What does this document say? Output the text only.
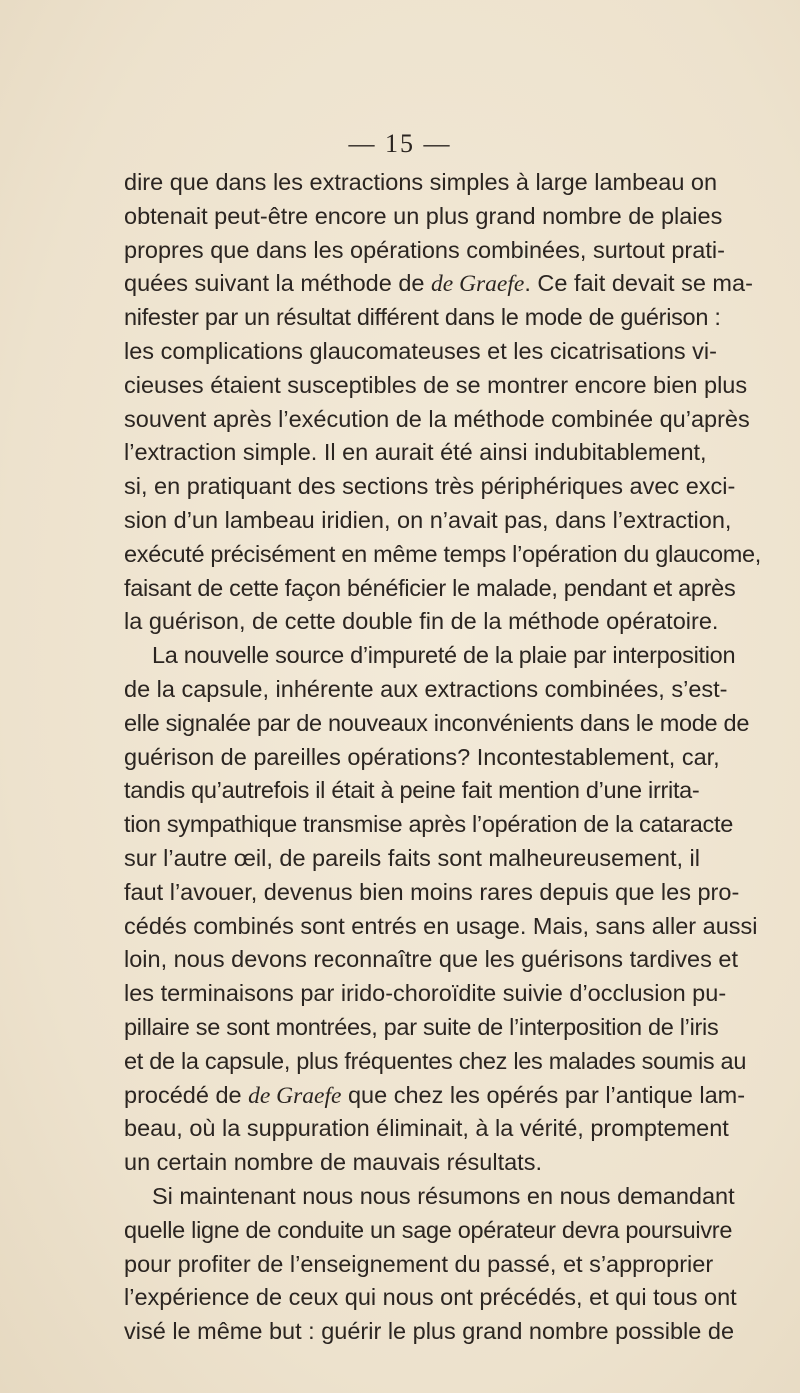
— 15 —
dire que dans les extractions simples à large lambeau on
obtenait peut-être encore un plus grand nombre de plaies
propres que dans les opérations combinées, surtout prati-
quées suivant la méthode de de Graefe. Ce fait devait se ma-
nifester par un résultat différent dans le mode de guérison :
les complications glaucomateuses et les cicatrisations vi-
cieuses étaient susceptibles de se montrer encore bien plus
souvent après l’exécution de la méthode combinée qu’après
l’extraction simple. Il en aurait été ainsi indubitablement,
si, en pratiquant des sections très périphériques avec exci-
sion d’un lambeau iridien, on n’avait pas, dans l’extraction,
exécuté précisément en même temps l’opération du glaucome,
faisant de cette façon bénéficier le malade, pendant et après
la guérison, de cette double fin de la méthode opératoire.
La nouvelle source d’impureté de la plaie par interposition
de la capsule, inhérente aux extractions combinées, s’est-
elle signalée par de nouveaux inconvénients dans le mode de
guérison de pareilles opérations? Incontestablement, car,
tandis qu’autrefois il était à peine fait mention d’une irrita-
tion sympathique transmise après l’opération de la cataracte
sur l’autre œil, de pareils faits sont malheureusement, il
faut l’avouer, devenus bien moins rares depuis que les pro-
cédés combinés sont entrés en usage. Mais, sans aller aussi
loin, nous devons reconnaître que les guérisons tardives et
les terminaisons par irido-choroïdite suivie d’occlusion pu-
pillaire se sont montrées, par suite de l’interposition de l’iris
et de la capsule, plus fréquentes chez les malades soumis au
procédé de de Graefe que chez les opérés par l’antique lam-
beau, où la suppuration éliminait, à la vérité, promptement
un certain nombre de mauvais résultats.
Si maintenant nous nous résumons en nous demandant
quelle ligne de conduite un sage opérateur devra poursuivre
pour profiter de l’enseignement du passé, et s’approprier
l’expérience de ceux qui nous ont précédés, et qui tous ont
visé le même but : guérir le plus grand nombre possible de
